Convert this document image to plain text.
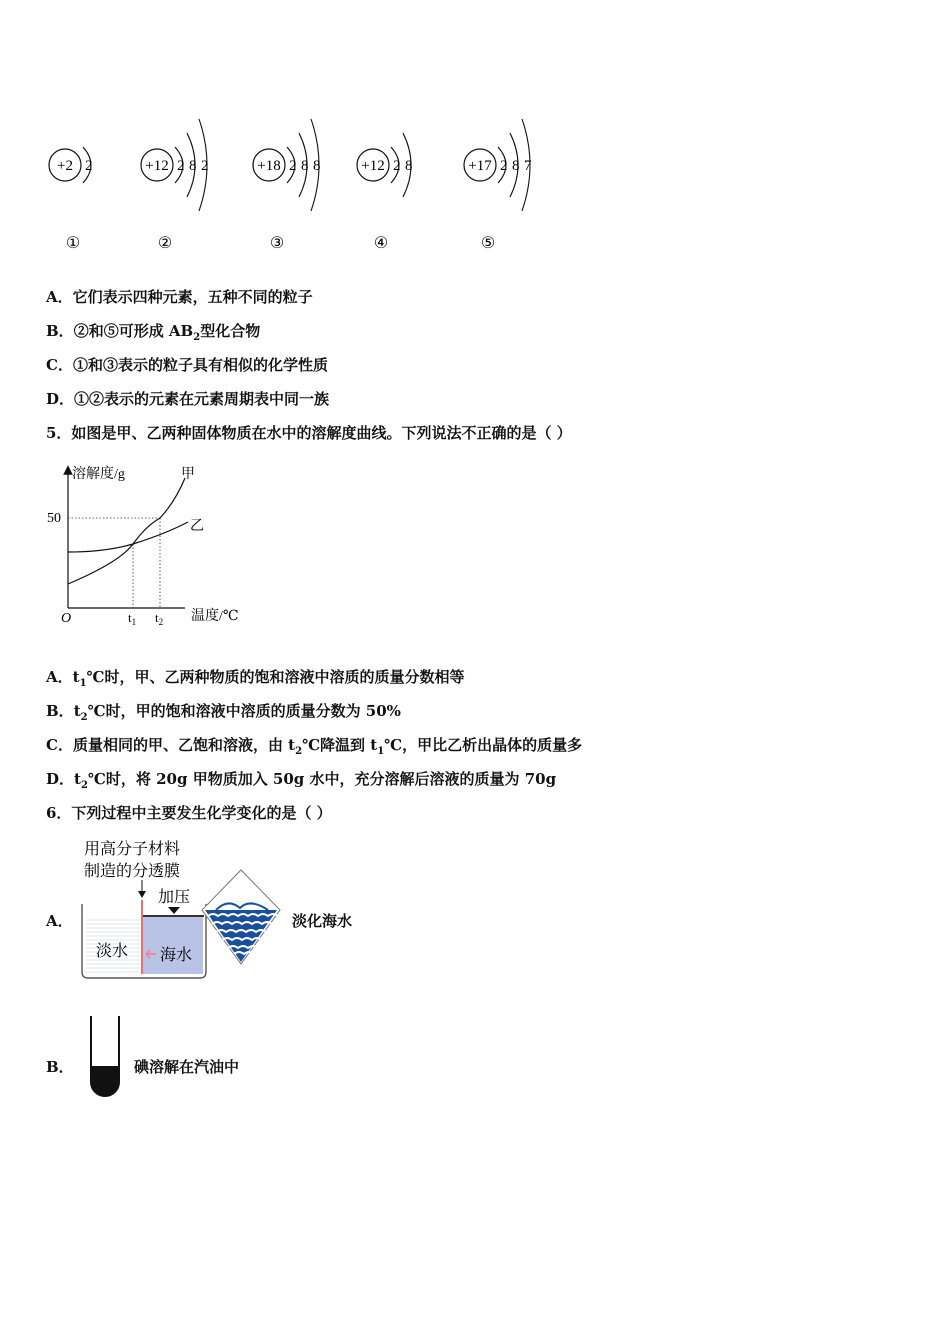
+2 2
①
+12 2 8 2
②
+18 2 8 8
③
+12 2 8
④
+17 2 8 7
⑤
A．它们表示四种元素，五种不同的粒子
B．②和⑤可形成 $AB_2$型化合物
C．①和③表示的粒子具有相似的化学性质
D．①②表示的元素在元素周期表中同一族
5．如图是甲、乙两种固体物质在水中的溶解度曲线。下列说法不正确的是（ ）
溶解度/g	甲
乙
50
O	$t_1$ $t_2$ 温度/℃
A．$t_1℃$时，甲、乙两种物质的饱和溶液中溶质的质量分数相等
B．$t_2℃$时，甲的饱和溶液中溶质的质量分数为 50%
C．质量相同的甲、乙饱和溶液，由 $t_2℃$降温到 $t_1℃$，甲比乙析出晶体的质量多
D．$t_2℃$时，将 20g 甲物质加入 50g 水中，充分溶解后溶液的质量为 70g
6．下列过程中主要发生化学变化的是（ ）
A．
用高分子材料
制造的分透膜
加压
淡水 海水
淡化海水
B．	碘溶解在汽油中
